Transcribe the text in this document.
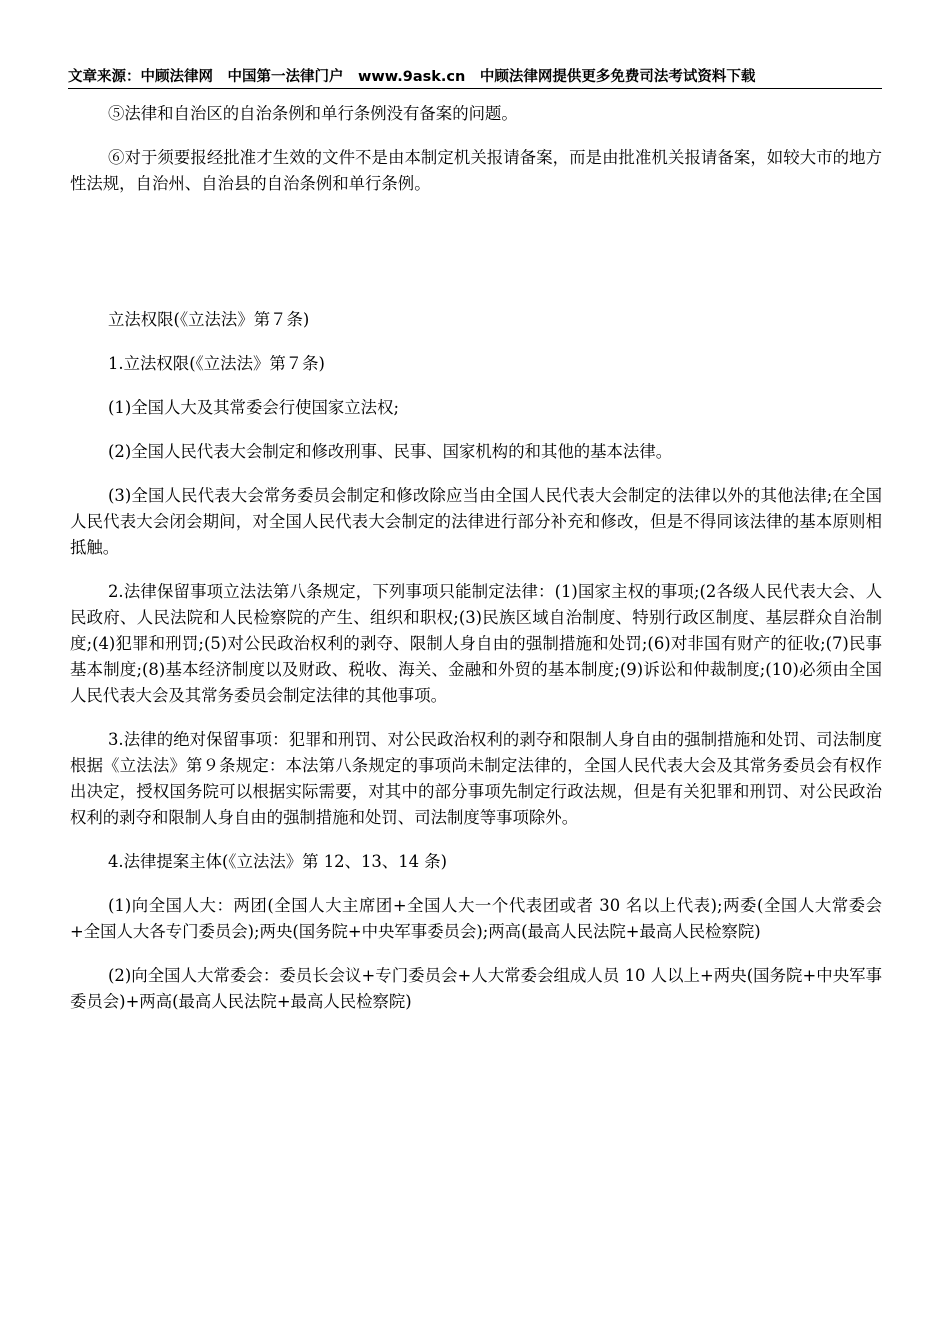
文章来源：中顾法律网　中国第一法律门户　www.9ask.cn　中顾法律网提供更多免费司法考试资料下载

⑤法律和自治区的自治条例和单行条例没有备案的问题。

⑥对于须要报经批准才生效的文件不是由本制定机关报请备案，而是由批准机关报请备案，如较大市的地方性法规，自治州、自治县的自治条例和单行条例。

立法权限(《立法法》第７条)

1.立法权限(《立法法》第７条)

(1)全国人大及其常委会行使国家立法权;

(2)全国人民代表大会制定和修改刑事、民事、国家机构的和其他的基本法律。

(3)全国人民代表大会常务委员会制定和修改除应当由全国人民代表大会制定的法律以外的其他法律;在全国人民代表大会闭会期间，对全国人民代表大会制定的法律进行部分补充和修改，但是不得同该法律的基本原则相抵触。

2.法律保留事项立法法第八条规定，下列事项只能制定法律：(1)国家主权的事项;(2各级人民代表大会、人民政府、人民法院和人民检察院的产生、组织和职权;(3)民族区域自治制度、特别行政区制度、基层群众自治制度;(4)犯罪和刑罚;(5)对公民政治权利的剥夺、限制人身自由的强制措施和处罚;(6)对非国有财产的征收;(7)民事基本制度;(8)基本经济制度以及财政、税收、海关、金融和外贸的基本制度;(9)诉讼和仲裁制度;(10)必须由全国人民代表大会及其常务委员会制定法律的其他事项。

3.法律的绝对保留事项：犯罪和刑罚、对公民政治权利的剥夺和限制人身自由的强制措施和处罚、司法制度根据《立法法》第９条规定：本法第八条规定的事项尚未制定法律的，全国人民代表大会及其常务委员会有权作出决定，授权国务院可以根据实际需要，对其中的部分事项先制定行政法规，但是有关犯罪和刑罚、对公民政治权利的剥夺和限制人身自由的强制措施和处罚、司法制度等事项除外。

4.法律提案主体(《立法法》第 12、13、14 条)

(1)向全国人大：两团(全国人大主席团+全国人大一个代表团或者 30 名以上代表);两委(全国人大常委会+全国人大各专门委员会);两央(国务院+中央军事委员会);两高(最高人民法院+最高人民检察院)

(2)向全国人大常委会：委员长会议+专门委员会+人大常委会组成人员 10 人以上+两央(国务院+中央军事委员会)+两高(最高人民法院+最高人民检察院)
